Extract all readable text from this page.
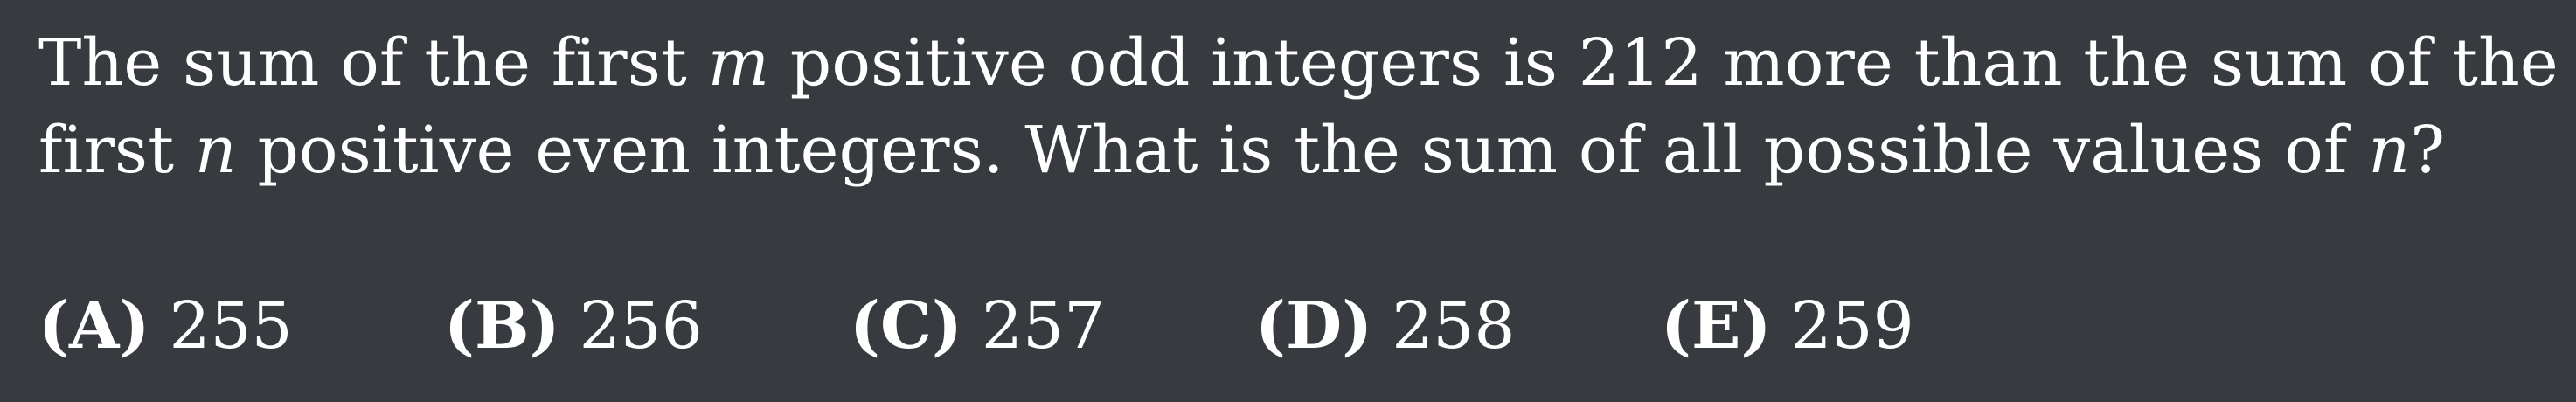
The sum of the first m positive odd integers is 212 more than the sum of the
first n positive even integers. What is the sum of all possible values of n?
(A) 255 (B) 256 (C) 257 (D) 258 (E) 259
